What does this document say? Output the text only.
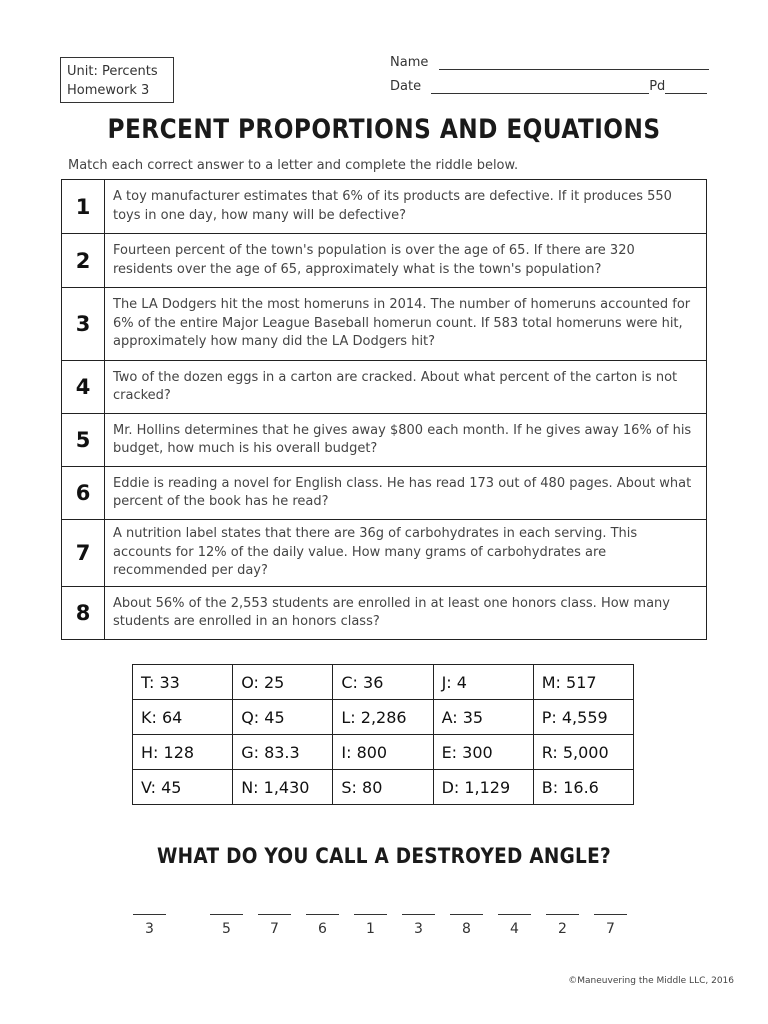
Unit: Percents
Homework 3
Name
Date	Pd
PERCENT PROPORTIONS AND EQUATIONS
Match each correct answer to a letter and complete the riddle below.
1	A toy manufacturer estimates that 6% of its products are defective. If it produces 550 toys in one day, how many will be defective?
2	Fourteen percent of the town's population is over the age of 65. If there are 320 residents over the age of 65, approximately what is the town's population?
3	The LA Dodgers hit the most homeruns in 2014. The number of homeruns accounted for 6% of the entire Major League Baseball homerun count. If 583 total homeruns were hit, approximately how many did the LA Dodgers hit?
4	Two of the dozen eggs in a carton are cracked. About what percent of the carton is not cracked?
5	Mr. Hollins determines that he gives away $800 each month. If he gives away 16% of his budget, how much is his overall budget?
6	Eddie is reading a novel for English class. He has read 173 out of 480 pages. About what percent of the book has he read?
7	A nutrition label states that there are 36g of carbohydrates in each serving. This accounts for 12% of the daily value. How many grams of carbohydrates are recommended per day?
8	About 56% of the 2,553 students are enrolled in at least one honors class. How many students are enrolled in an honors class?
T: 33	O: 25	C: 36	J: 4	M: 517
K: 64	Q: 45	L: 2,286	A: 35	P: 4,559
H: 128	G: 83.3	I: 800	E: 300	R: 5,000
V: 45	N: 1,430	S: 80	D: 1,129	B: 16.6
WHAT DO YOU CALL A DESTROYED ANGLE?
3	5	7	6	1	3	8	4	2	7
©Maneuvering the Middle LLC, 2016
